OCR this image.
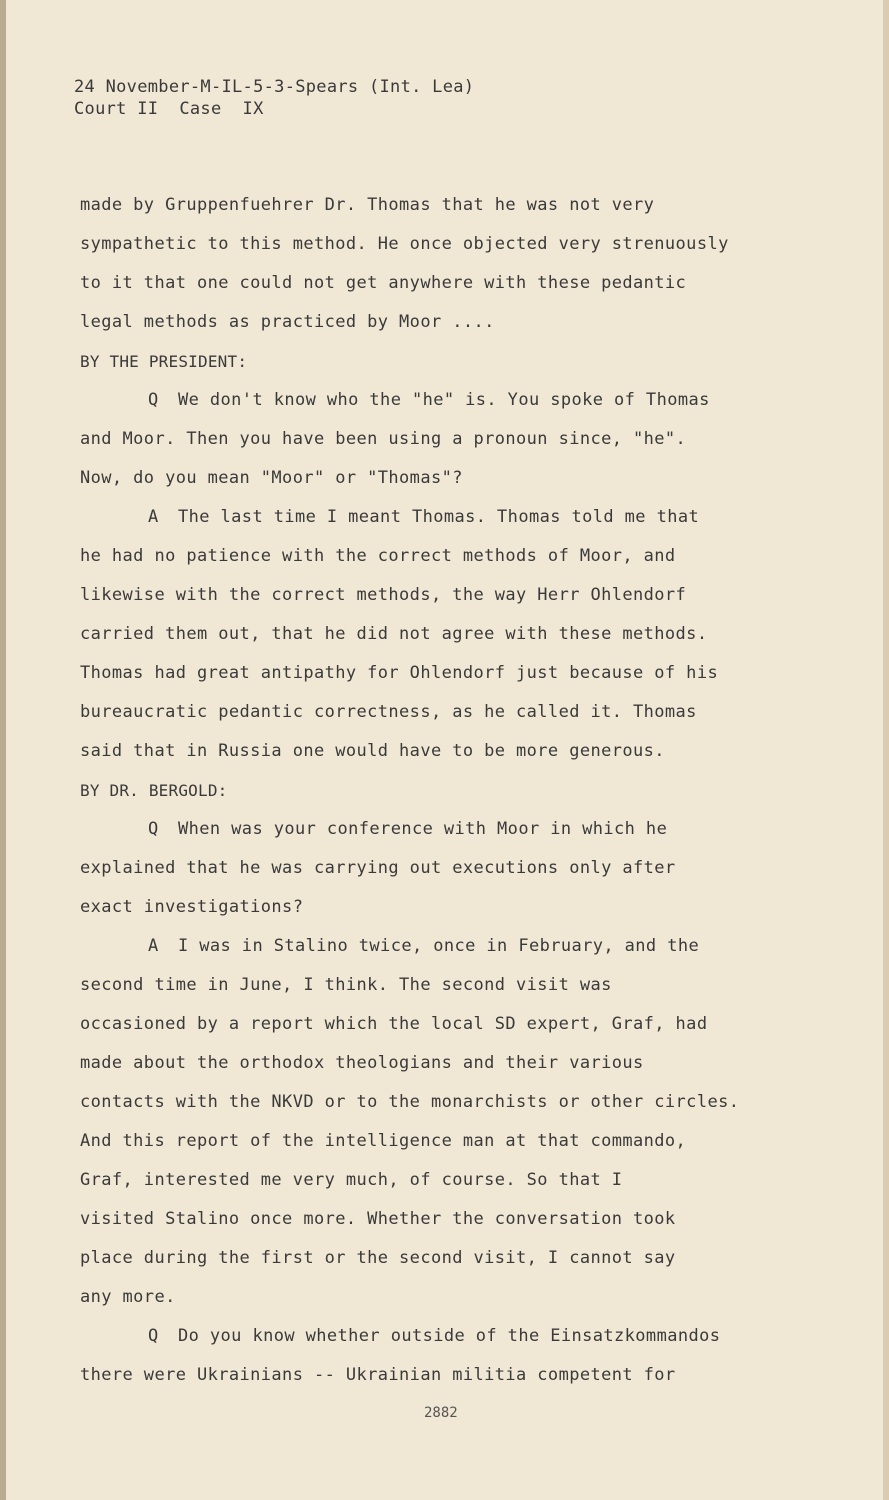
24 November-M-IL-5-3-Spears (Int. Lea)
Court II  Case  IX
made by Gruppenfuehrer Dr. Thomas that he was not very
sympathetic to this method. He once objected very strenuously
to it that one could not get anywhere with these pedantic
legal methods as practiced by Moor ....
BY THE PRESIDENT:
Q We don't know who the "he" is. You spoke of Thomas
and Moor. Then you have been using a pronoun since, "he".
Now, do you mean "Moor" or "Thomas"?
A The last time I meant Thomas. Thomas told me that
he had no patience with the correct methods of Moor, and
likewise with the correct methods, the way Herr Ohlendorf
carried them out, that he did not agree with these methods.
Thomas had great antipathy for Ohlendorf just because of his
bureaucratic pedantic correctness, as he called it. Thomas
said that in Russia one would have to be more generous.
BY DR. BERGOLD:
Q When was your conference with Moor in which he
explained that he was carrying out executions only after
exact investigations?
A I was in Stalino twice, once in February, and the
second time in June, I think. The second visit was
occasioned by a report which the local SD expert, Graf, had
made about the orthodox theologians and their various
contacts with the NKVD or to the monarchists or other circles.
And this report of the intelligence man at that commando,
Graf, interested me very much, of course. So that I
visited Stalino once more. Whether the conversation took
place during the first or the second visit, I cannot say
any more.
Q Do you know whether outside of the Einsatzkommandos
there were Ukrainians -- Ukrainian militia competent for
2882
